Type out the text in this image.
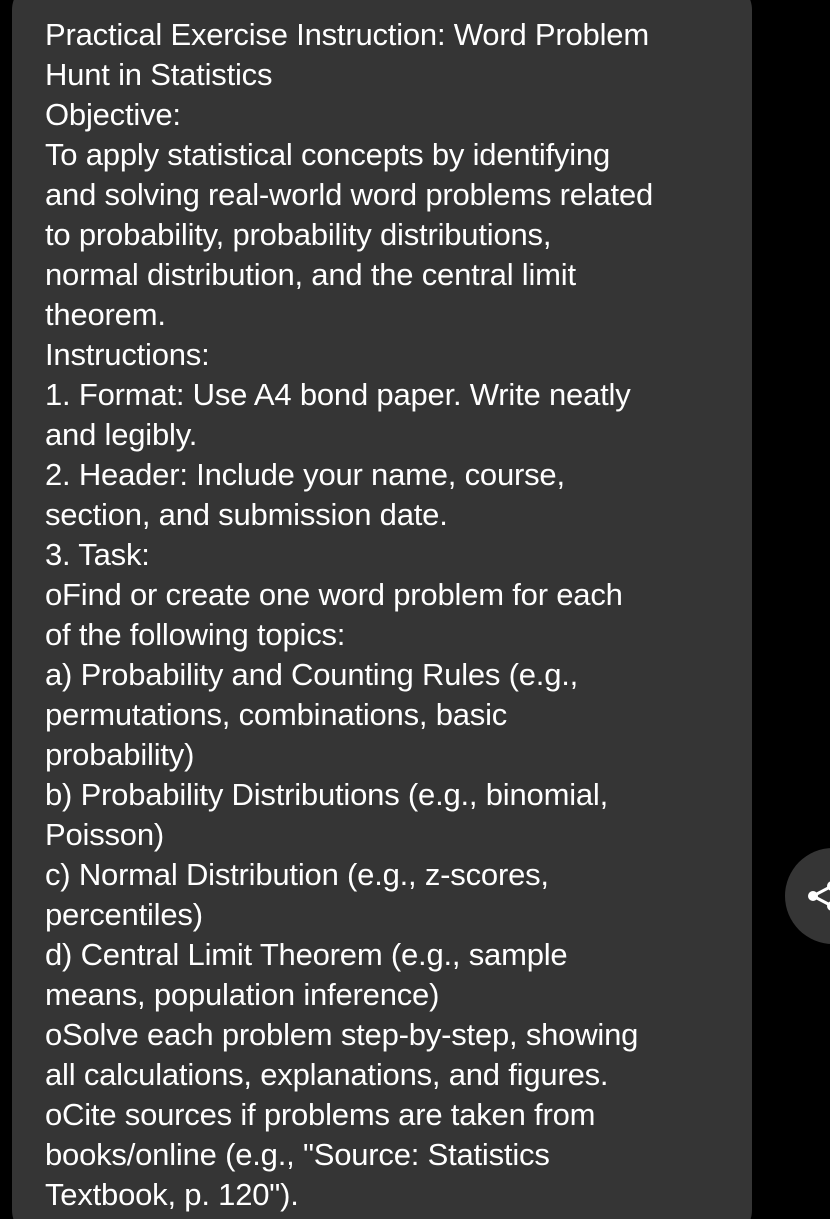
Practical Exercise Instruction: Word Problem
Hunt in Statistics
Objective:
To apply statistical concepts by identifying
and solving real-world word problems related
to probability, probability distributions,
normal distribution, and the central limit
theorem.
Instructions:
1. Format: Use A4 bond paper. Write neatly
and legibly.
2. Header: Include your name, course,
section, and submission date.
3. Task:
oFind or create one word problem for each
of the following topics:
a) Probability and Counting Rules (e.g.,
permutations, combinations, basic
probability)
b) Probability Distributions (e.g., binomial,
Poisson)
c) Normal Distribution (e.g., z-scores,
percentiles)
d) Central Limit Theorem (e.g., sample
means, population inference)
oSolve each problem step-by-step, showing
all calculations, explanations, and figures.
oCite sources if problems are taken from
books/online (e.g., "Source: Statistics
Textbook, p. 120").
